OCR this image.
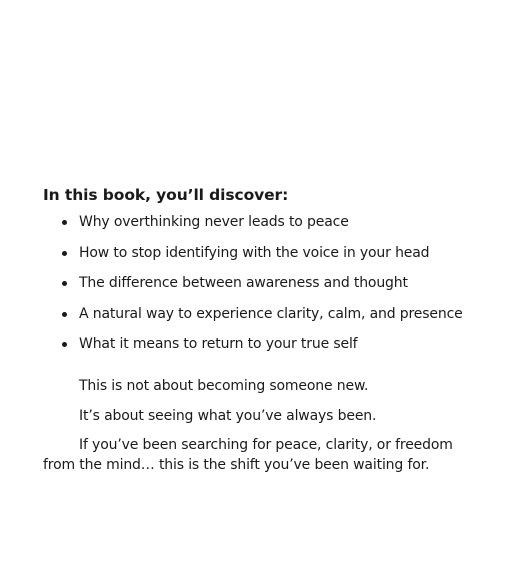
In this book, you’ll discover:
Why overthinking never leads to peace
How to stop identifying with the voice in your head
The difference between awareness and thought
A natural way to experience clarity, calm, and presence
What it means to return to your true self

This is not about becoming someone new.

It’s about seeing what you’ve always been.

If you’ve been searching for peace, clarity, or freedom from the mind… this is the shift you’ve been waiting for.
